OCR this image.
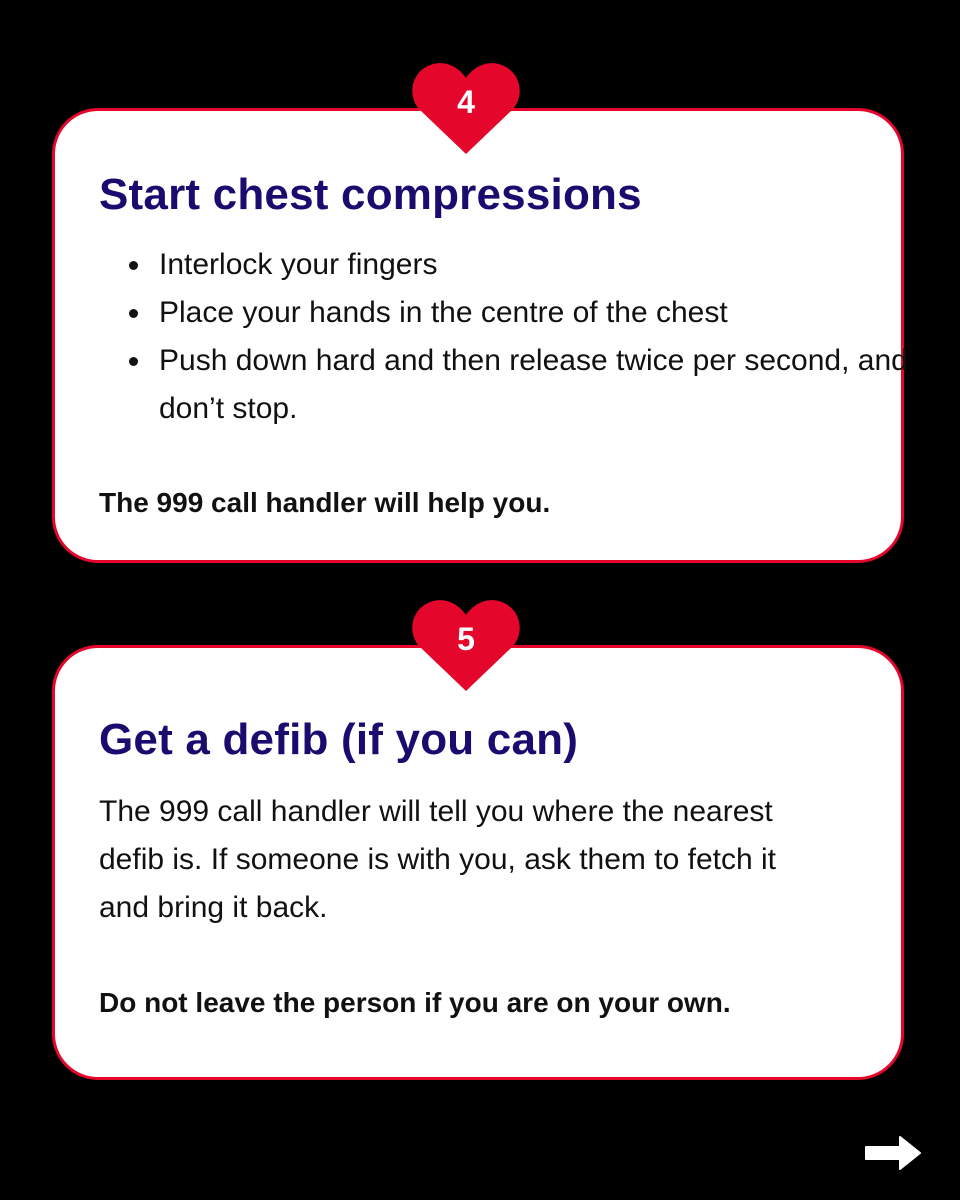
Start chest compressions
Interlock your fingers
Place your hands in the centre of the chest
Push down hard and then release twice per second, and don’t stop.

The 999 call handler will help you.

4
Get a defib (if you can)

The 999 call handler will tell you where the nearest defib is. If someone is with you, ask them to fetch it and bring it back.

Do not leave the person if you are on your own.

5
